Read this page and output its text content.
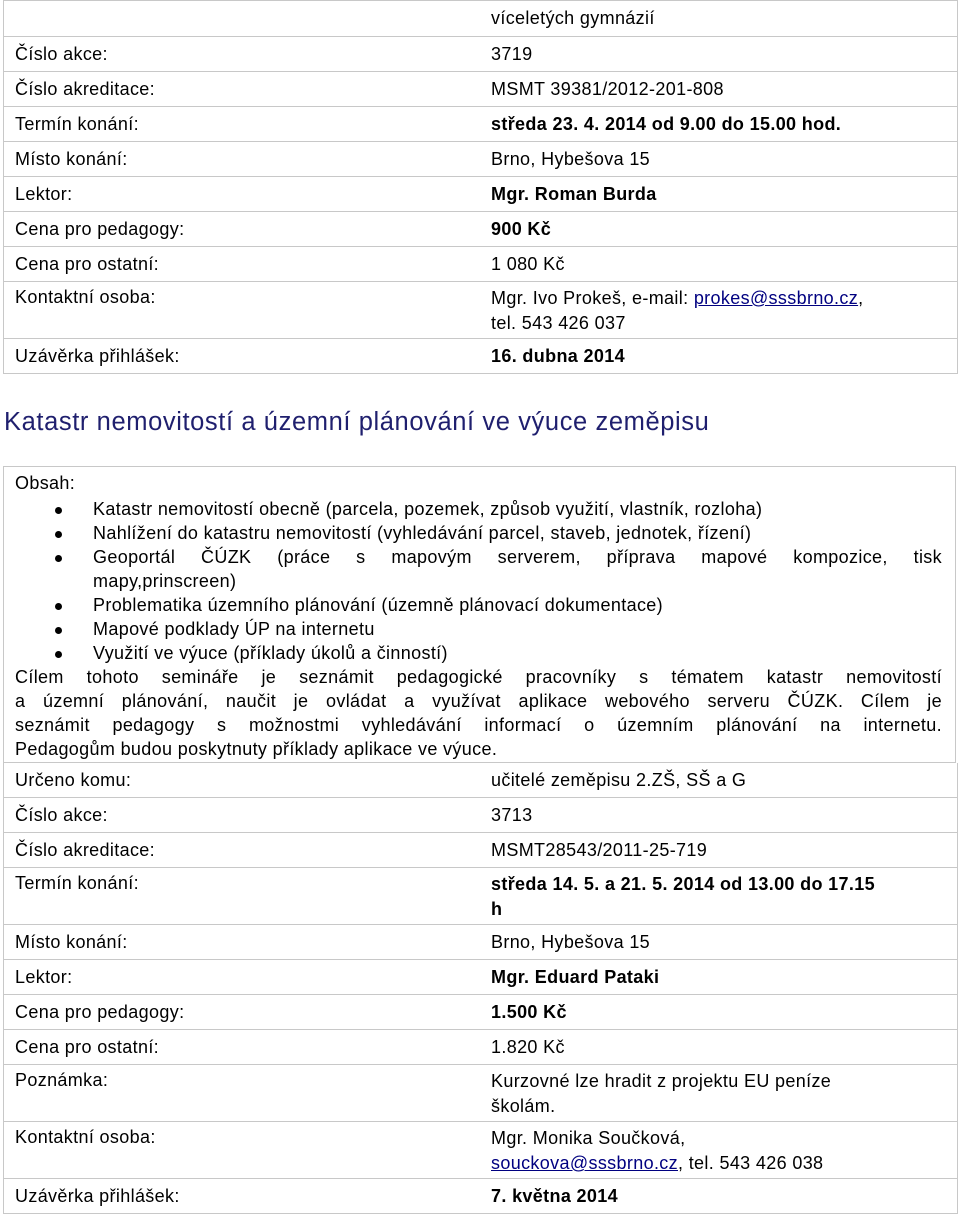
víceletých gymnázií
Číslo akce:	3719
Číslo akreditace:	MSMT 39381/2012-201-808
Termín konání:	středa 23. 4. 2014 od 9.00 do 15.00 hod.
Místo konání:	Brno, Hybešova 15
Lektor:	Mgr. Roman Burda
Cena pro pedagogy:	900 Kč
Cena pro ostatní:	1 080 Kč
Kontaktní osoba:	Mgr. Ivo Prokeš, e-mail: prokes@sssbrno.cz,
tel. 543 426 037
Uzávěrka přihlášek:	16. dubna 2014
Katastr nemovitostí a územní plánování ve výuce zeměpisu
Obsah:
Katastr nemovitostí obecně (parcela, pozemek, způsob využití, vlastník, rozloha)
Nahlížení do katastru nemovitostí (vyhledávání parcel, staveb, jednotek, řízení)
Geoportál ČÚZK (práce s mapovým serverem, příprava mapové kompozice, tisk
mapy,prinscreen)
Problematika územního plánování (územně plánovací dokumentace)
Mapové podklady ÚP na internetu
Využití ve výuce (příklady úkolů a činností)
Cílem tohoto semináře je seznámit pedagogické pracovníky s tématem katastr nemovitostí
a územní plánování, naučit je ovládat a využívat aplikace webového serveru ČÚZK. Cílem je
seznámit pedagogy s možnostmi vyhledávání informací o územním plánování na internetu.
Pedagogům budou poskytnuty příklady aplikace ve výuce.
Určeno komu:	učitelé zeměpisu 2.ZŠ, SŠ a G
Číslo akce:	3713
Číslo akreditace:	MSMT28543/2011-25-719
Termín konání:	středa 14. 5. a 21. 5. 2014 od 13.00 do 17.15
h
Místo konání:	Brno, Hybešova 15
Lektor:	Mgr. Eduard Pataki
Cena pro pedagogy:	1.500 Kč
Cena pro ostatní:	1.820 Kč
Poznámka:	Kurzovné lze hradit z projektu EU peníze
školám.
Kontaktní osoba:	Mgr. Monika Součková,
souckova@sssbrno.cz, tel. 543 426 038
Uzávěrka přihlášek:	7. května 2014
